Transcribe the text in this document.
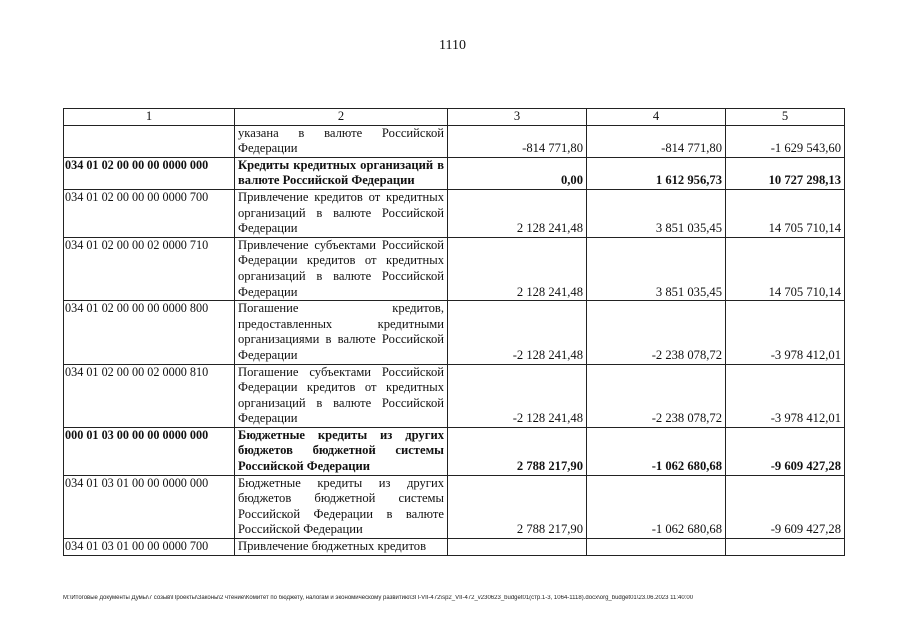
1110
1	2	3	4	5
	указана в валюте Российской Федерации	-814 771,80	-814 771,80	-1 629 543,60
034 01 02 00 00 00 0000 000	Кредиты кредитных организаций в валюте Российской Федерации	0,00	1 612 956,73	10 727 298,13
034 01 02 00 00 00 0000 700	Привлечение кредитов от кредитных организаций в валюте Российской Федерации	2 128 241,48	3 851 035,45	14 705 710,14
034 01 02 00 00 02 0000 710	Привлечение субъектами Российской Федерации кредитов от кредитных организаций в валюте Российской Федерации	2 128 241,48	3 851 035,45	14 705 710,14
034 01 02 00 00 00 0000 800	Погашение кредитов, предоставленных кредитными организациями в валюте Российской Федерации	-2 128 241,48	-2 238 078,72	-3 978 412,01
034 01 02 00 00 02 0000 810	Погашение субъектами Российской Федерации кредитов от кредитных организаций в валюте Российской Федерации	-2 128 241,48	-2 238 078,72	-3 978 412,01
000 01 03 00 00 00 0000 000	Бюджетные кредиты из других бюджетов бюджетной системы Российской Федерации	2 788 217,90	-1 062 680,68	-9 609 427,28
034 01 03 01 00 00 0000 000	Бюджетные кредиты из других бюджетов бюджетной системы Российской Федерации в валюте Российской Федерации	2 788 217,90	-1 062 680,68	-9 609 427,28
034 01 03 01 00 00 0000 700	Привлечение бюджетных кредитов			
M:\Итоговые документы Думы\7 созыв\Проекты\Законы\2 чтение\Комитет по бюджету, налогам и экономическому развитию\ЗП-VII-472\sp2_VII-472_v230623_budget01(стр.1-3, 1064-1118).docx\org_budget01\23.06.2023 11:40:00
